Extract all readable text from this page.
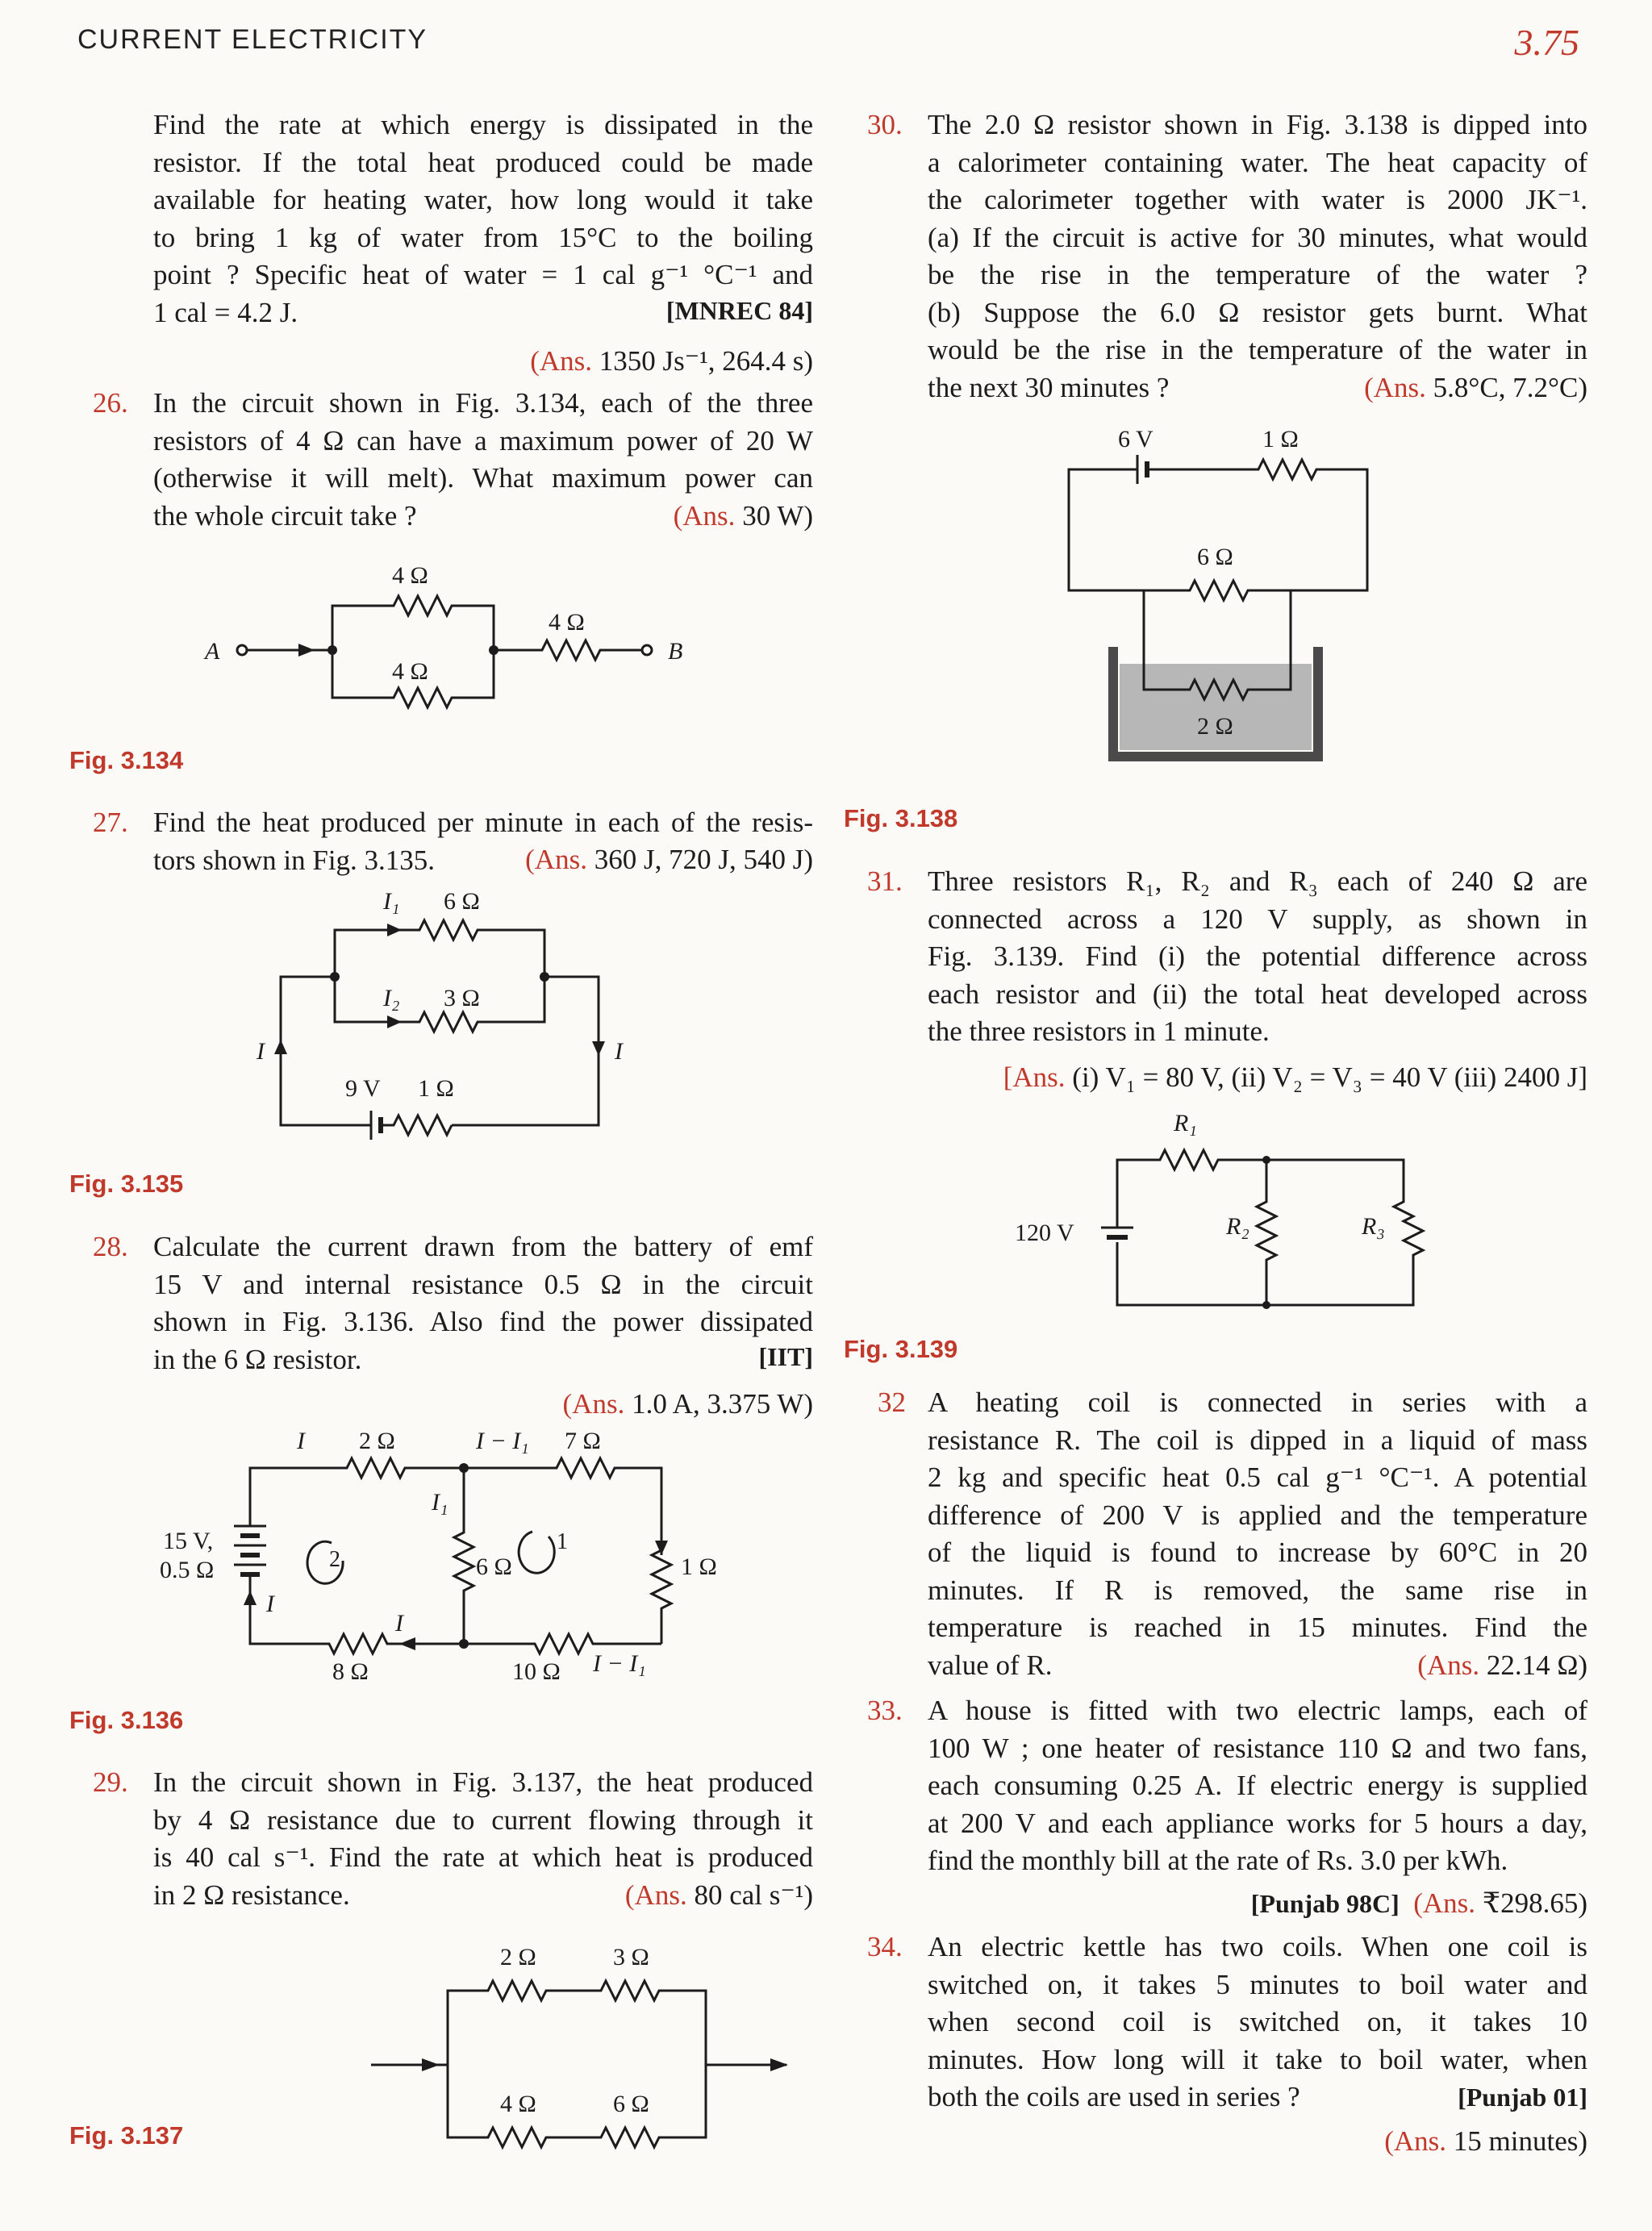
CURRENT ELECTRICITY	3.75
Find the rate at which energy is dissipated in the
resistor. If the total heat produced could be made
available for heating water, how long would it take
to bring 1 kg of water from 15°C to the boiling
point ? Specific heat of water = 1 cal g⁻¹ °C⁻¹ and
1 cal = 4.2 J.	[MNREC 84]
(Ans. 1350 Js⁻¹, 264.4 s)
26. In the circuit shown in Fig. 3.134, each of the three
resistors of 4 Ω can have a maximum power of 20 W
(otherwise it will melt). What maximum power can
the whole circuit take ?	(Ans. 30 W)
A	B
4 Ω
4 Ω
4 Ω
Fig. 3.134
27. Find the heat produced per minute in each of the resis-
tors shown in Fig. 3.135.	(Ans. 360 J, 720 J, 540 J)
I₁ 6 Ω
I₂ 3 Ω
I	I
9 V 1 Ω
Fig. 3.135
28. Calculate the current drawn from the battery of emf
15 V and internal resistance 0.5 Ω in the circuit
shown in Fig. 3.136. Also find the power dissipated
in the 6 Ω resistor.	[IIT]
(Ans. 1.0 A, 3.375 W)
I 2 Ω	I − I₁ 7 Ω
I₁
6 Ω	1 Ω
15 V,
0.5 Ω
I
2
1
I
8 Ω	10 Ω I − I₁
Fig. 3.136
29. In the circuit shown in Fig. 3.137, the heat produced
by 4 Ω resistance due to current flowing through it
is 40 cal s⁻¹. Find the rate at which heat is produced
in 2 Ω resistance.	(Ans. 80 cal s⁻¹)
2 Ω	3 Ω
4 Ω	6 Ω
Fig. 3.137
30. The 2.0 Ω resistor shown in Fig. 3.138 is dipped into
a calorimeter containing water. The heat capacity of
the calorimeter together with water is 2000 JK⁻¹.
(a) If the circuit is active for 30 minutes, what would
be the rise in the temperature of the water ?
(b) Suppose the 6.0 Ω resistor gets burnt. What
would be the rise in the temperature of the water in
the next 30 minutes ?	(Ans. 5.8°C, 7.2°C)
6 V	1 Ω
6 Ω
2 Ω
Fig. 3.138
31. Three resistors R₁, R₂ and R₃ each of 240 Ω are
connected across a 120 V supply, as shown in
Fig. 3.139. Find (i) the potential difference across
each resistor and (ii) the total heat developed across
the three resistors in 1 minute.
[Ans. (i) V₁ = 80 V, (ii) V₂ = V₃ = 40 V (iii) 2400 J]
R₁
120 V	R₂	R₃
Fig. 3.139
32 A heating coil is connected in series with a
resistance R. The coil is dipped in a liquid of mass
2 kg and specific heat 0.5 cal g⁻¹ °C⁻¹. A potential
difference of 200 V is applied and the temperature
of the liquid is found to increase by 60°C in 20
minutes. If R is removed, the same rise in
temperature is reached in 15 minutes. Find the
value of R.	(Ans. 22.14 Ω)
33. A house is fitted with two electric lamps, each of
100 W ; one heater of resistance 110 Ω and two fans,
each consuming 0.25 A. If electric energy is supplied
at 200 V and each appliance works for 5 hours a day,
find the monthly bill at the rate of Rs. 3.0 per kWh.
[Punjab 98C] (Ans. ₹298.65)
34. An electric kettle has two coils. When one coil is
switched on, it takes 5 minutes to boil water and
when second coil is switched on, it takes 10
minutes. How long will it take to boil water, when
both the coils are used in series ?	[Punjab 01]
(Ans. 15 minutes)
